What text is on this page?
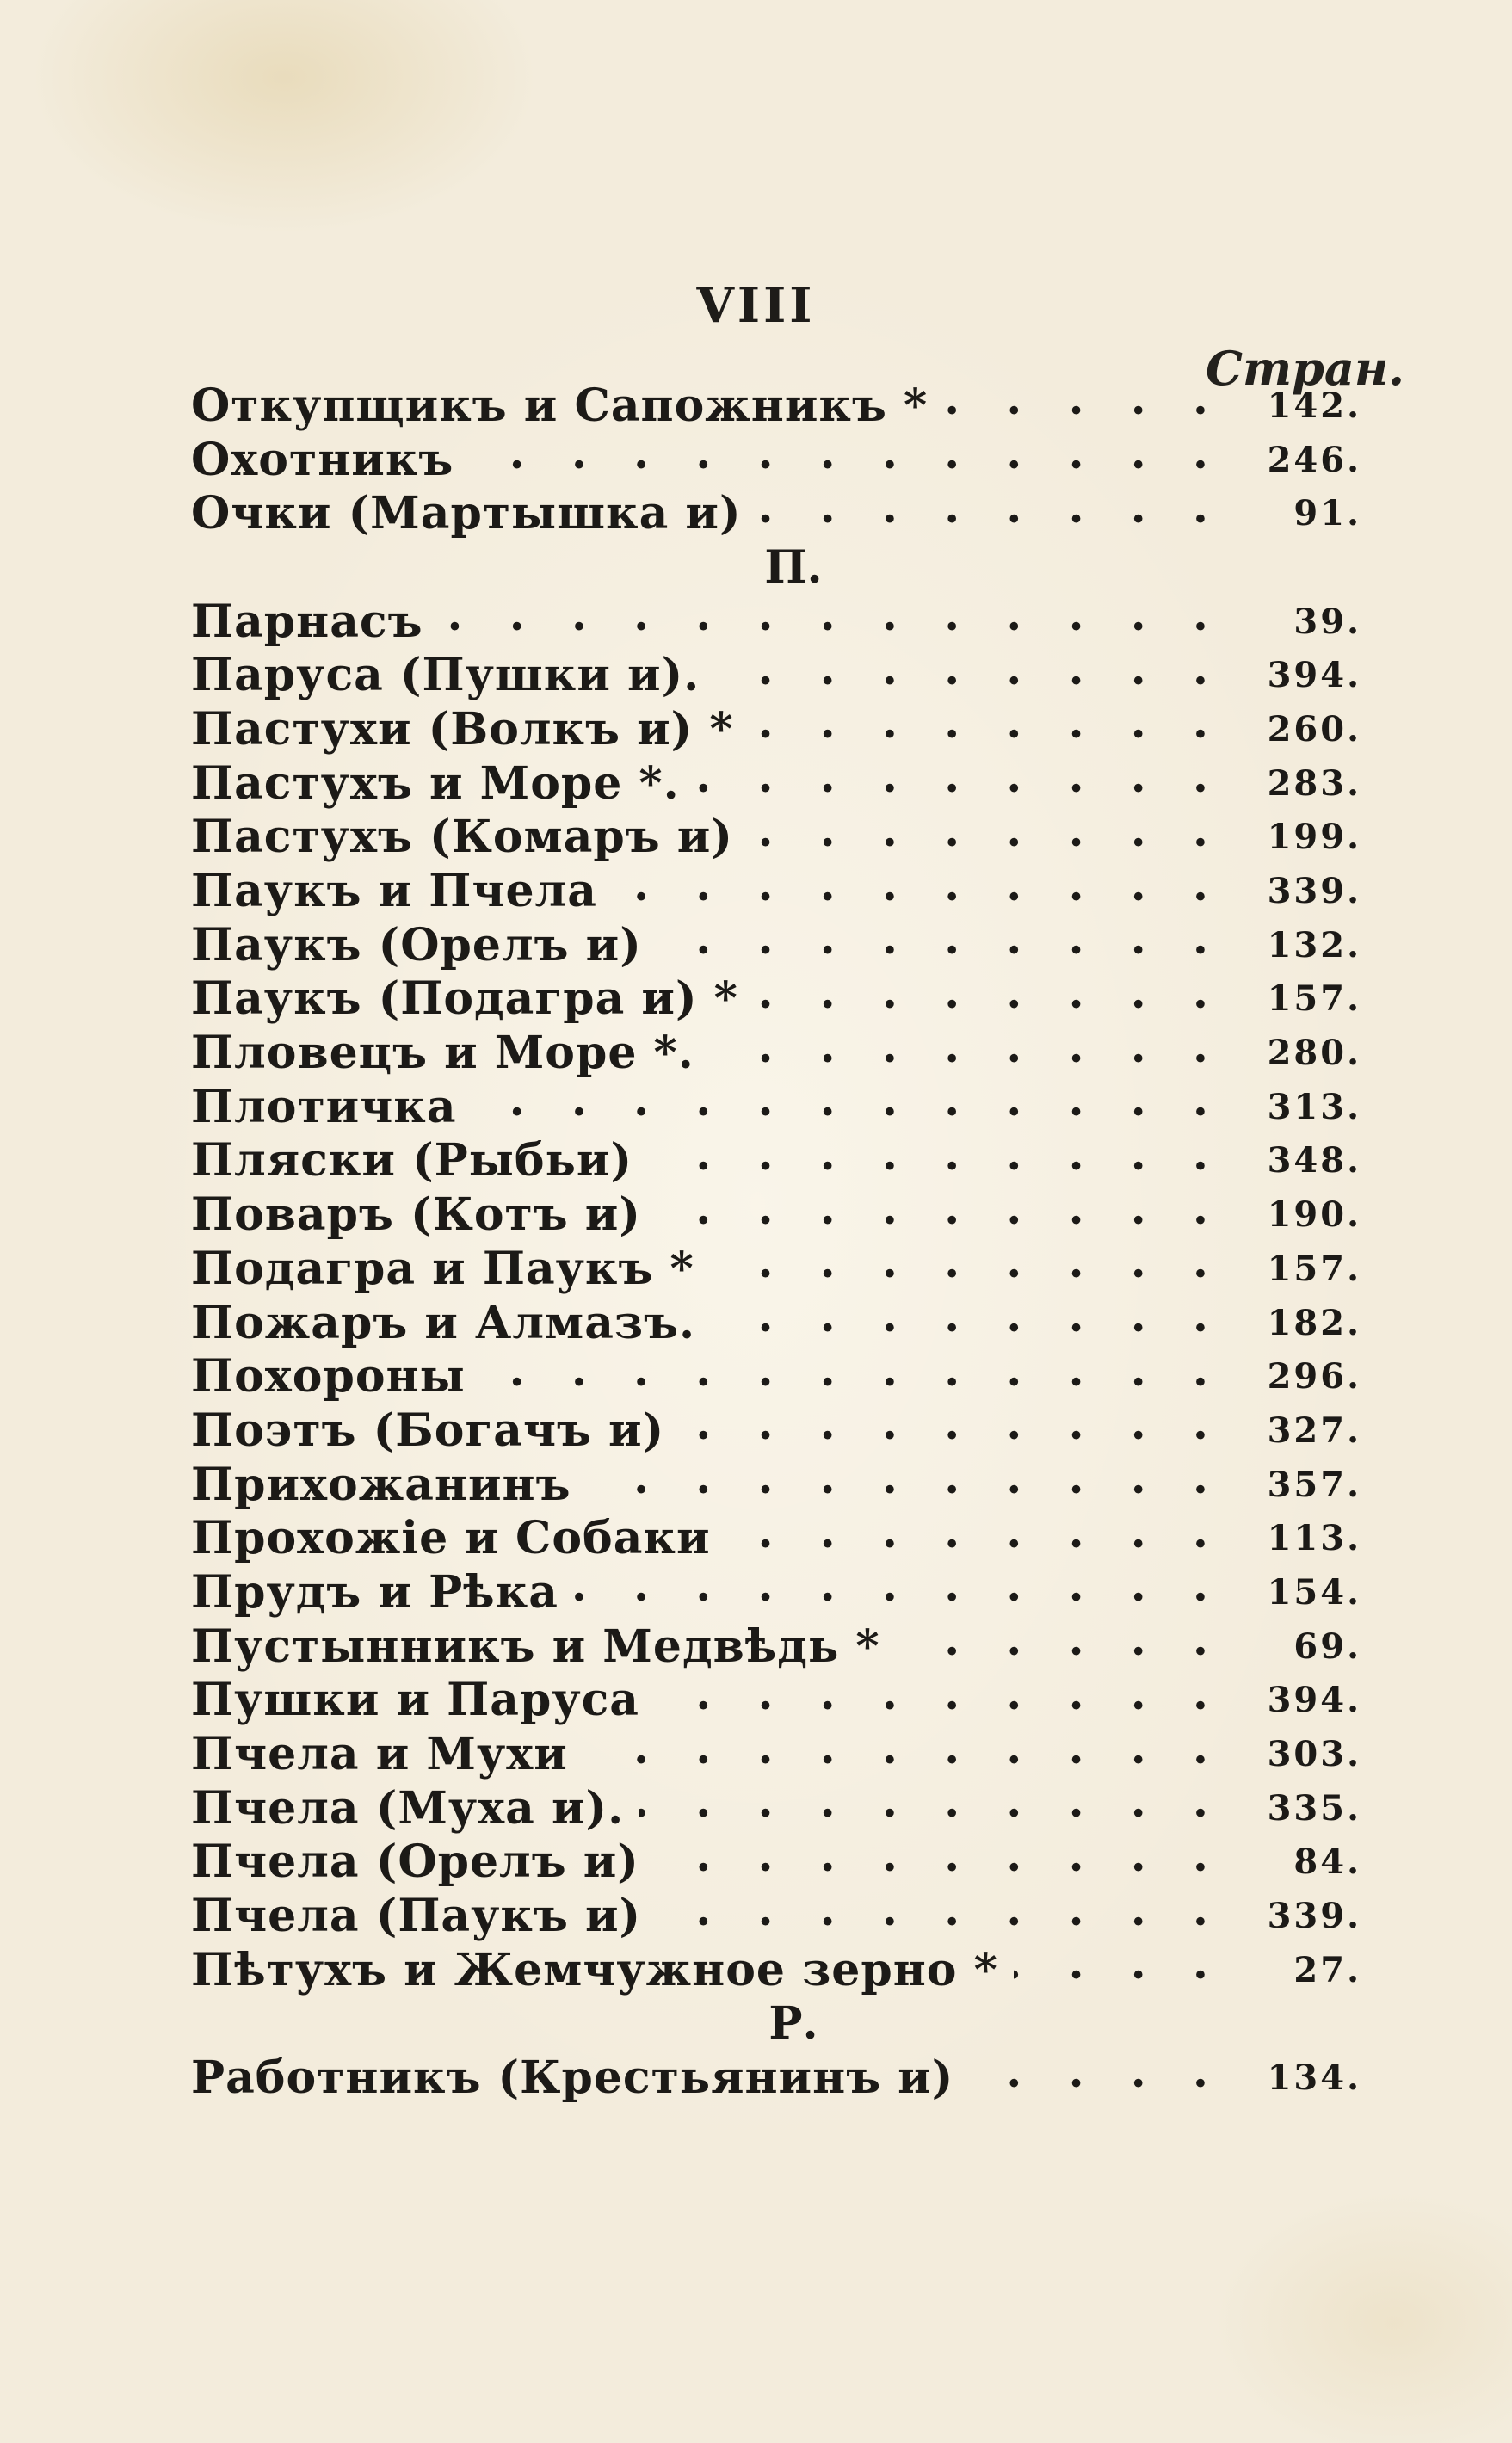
VIII
Стран.
Откупщикъ и Сапожникъ * . . .	142.
Охотникъ . . .	246.
Очки (Мартышка и) . . .	91.
П.
Парнасъ . . .	39.
Паруса (Пушки и). . . .	394.
Пастухи (Волкъ и) * . . .	260.
Пастухъ и Море *. . . .	283.
Пастухъ (Комаръ и) . . .	199.
Паукъ и Пчела . . .	339.
Паукъ (Орелъ и) . . .	132.
Паукъ (Подагра и) * . . .	157.
Пловецъ и Море *. . . .	280.
Плотичка . . .	313.
Пляски (Рыбьи) . . .	348.
Поваръ (Котъ и) . . .	190.
Подагра и Паукъ * . . .	157.
Пожаръ и Алмазъ. . . .	182.
Похороны . . .	296.
Поэтъ (Богачъ и) . . .	327.
Прихожанинъ . . .	357.
Прохожіе и Собаки . . .	113.
Прудъ и Рѣка . . .	154.
Пустынникъ и Медвѣдь * . . .	69.
Пушки и Паруса . . .	394.
Пчела и Мухи . . .	303.
Пчела (Муха и). . . .	335.
Пчела (Орелъ и) . . .	84.
Пчела (Паукъ и) . . .	339.
Пѣтухъ и Жемчужное зерно * . . .	27.
Р.
Работникъ (Крестьянинъ и) . . .	134.
